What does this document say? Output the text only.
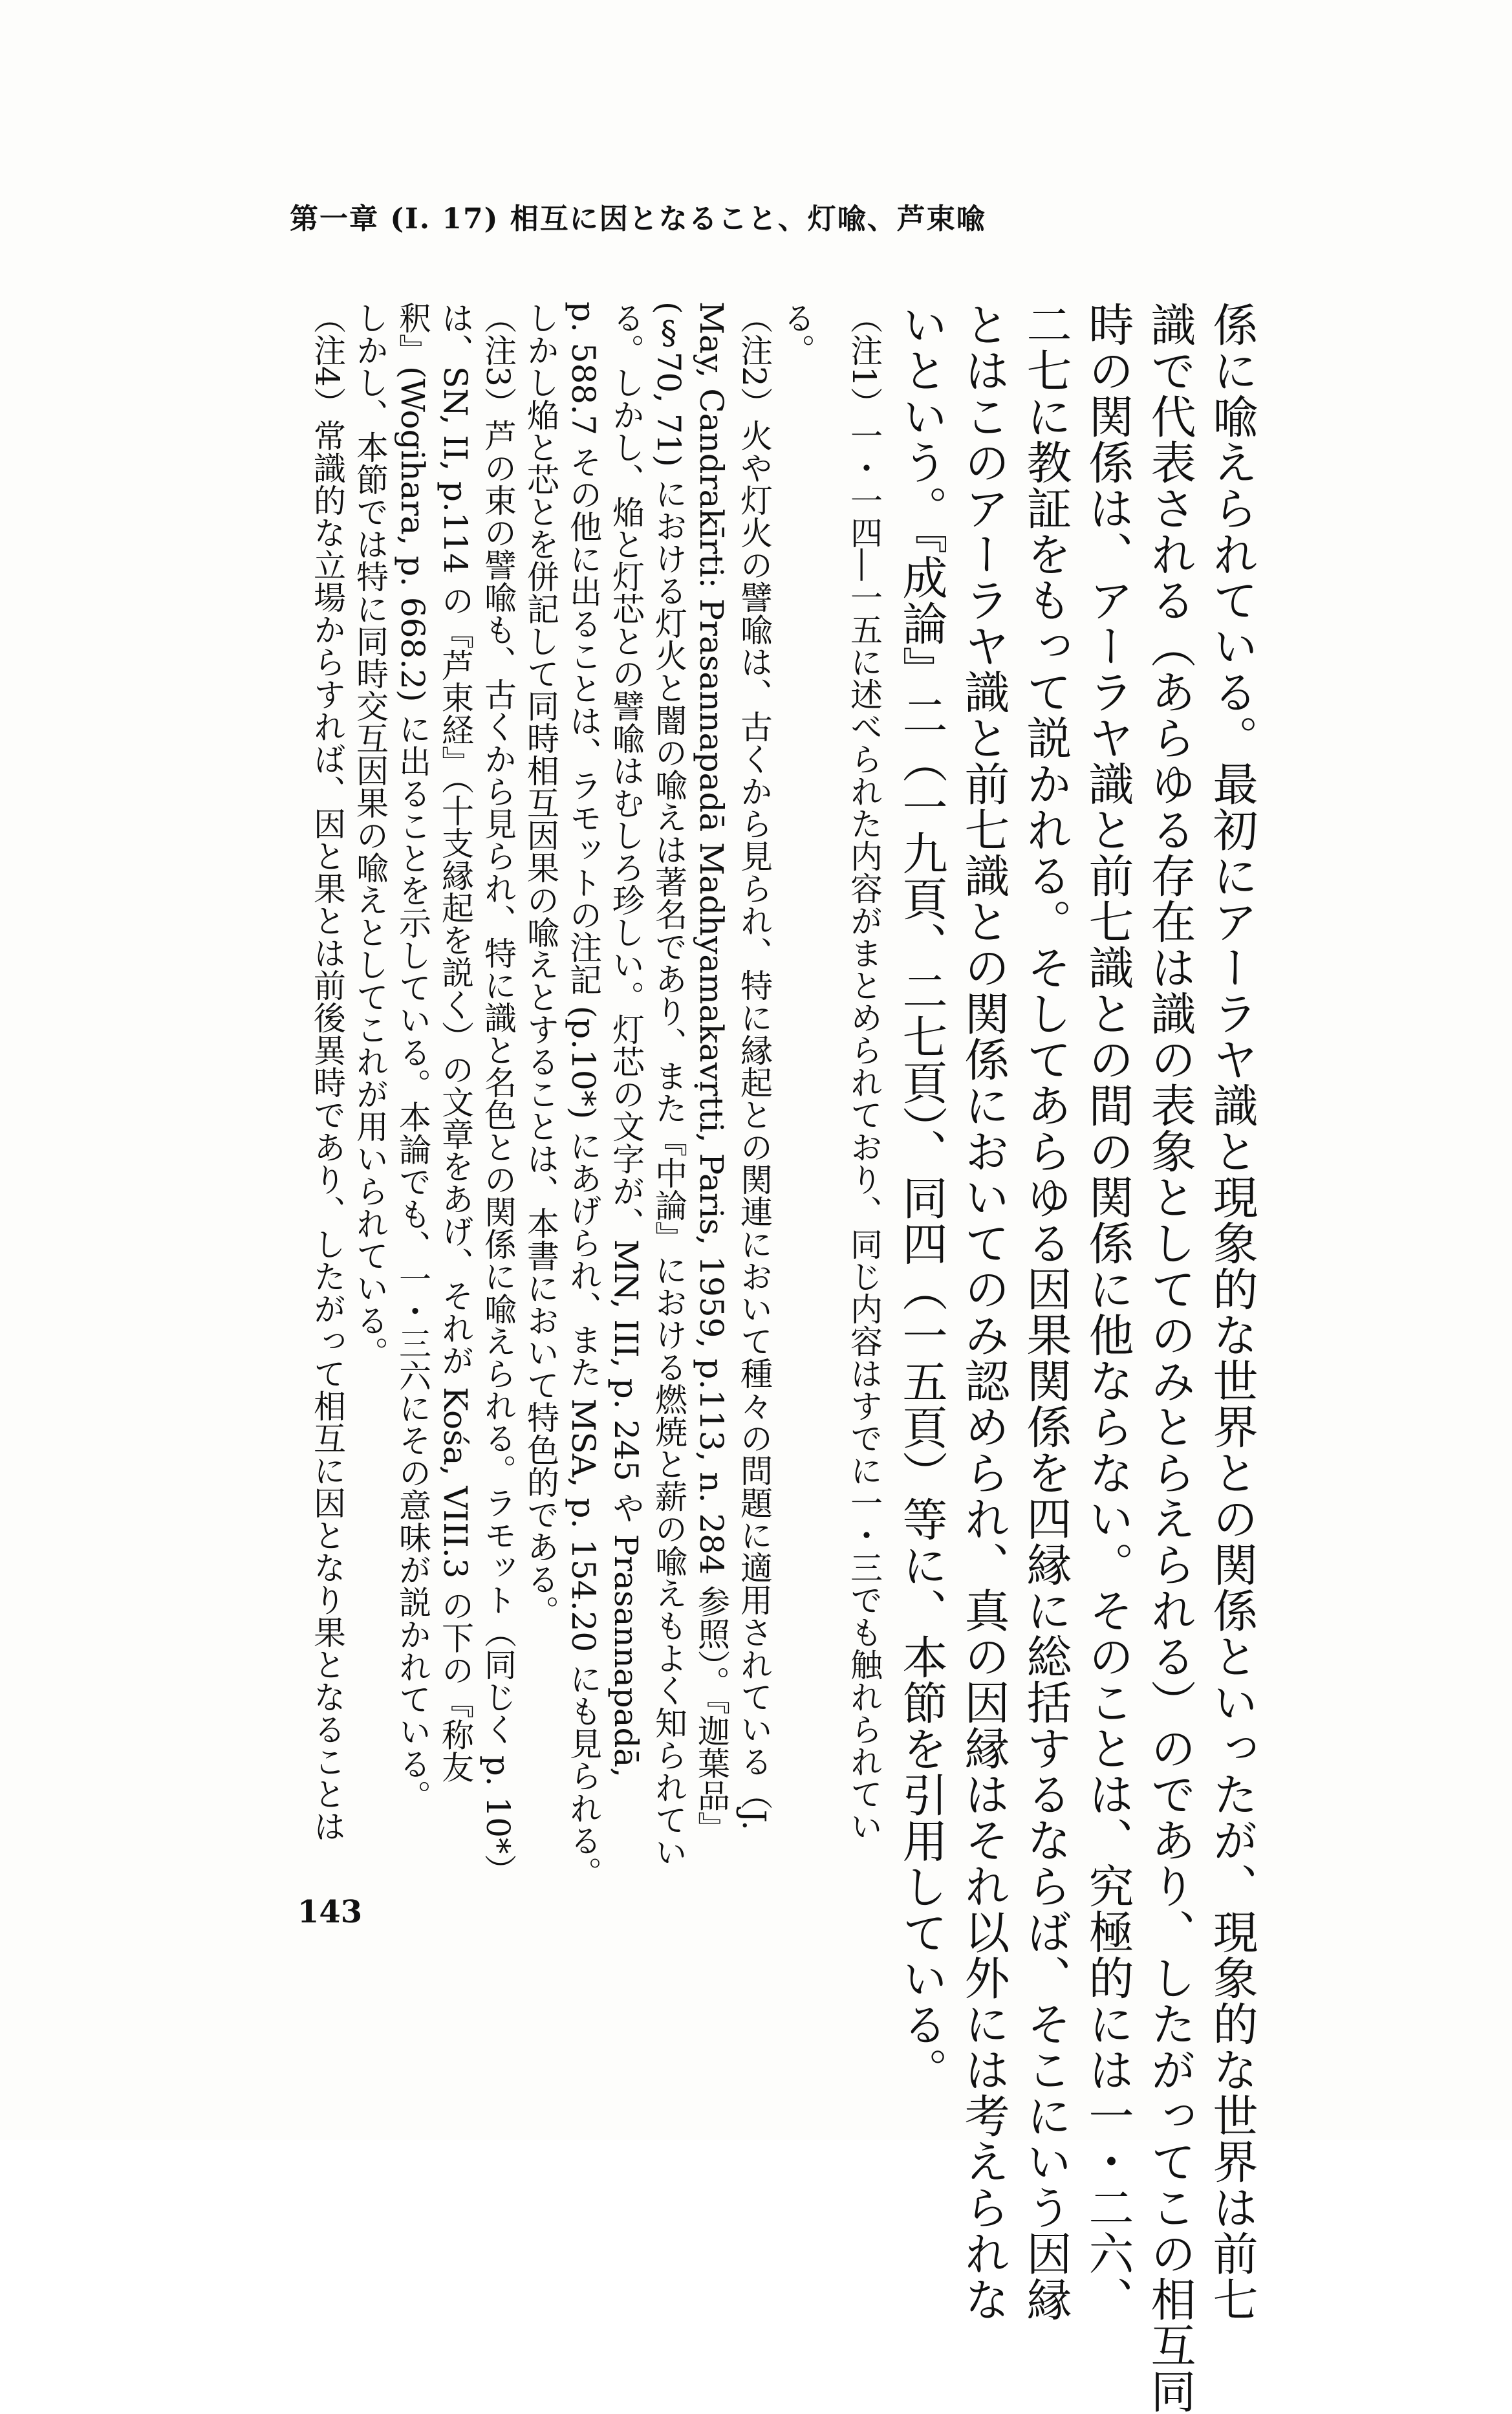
第一章 (I. 17) 相互に因となること、灯喩、芦束喩
係に喩えられている。最初にアーラヤ識と現象的な世界との関係といったが、現象的な世界は前七
識で代表される（あらゆる存在は識の表象としてのみとらえられる）のであり、したがってこの相互同
時の関係は、アーラヤ識と前七識との間の関係に他ならない。そのことは、究極的には一・二六、
二七に教証をもって説かれる。そしてあらゆる因果関係を四縁に総括するならば、そこにいう因縁
とはこのアーラヤ識と前七識との関係においてのみ認められ、真の因縁はそれ以外には考えられな
いという。『成論』二（一九頁、二七頁）、同四（一五頁）等に、本節を引用している。
（注1）一・一四―一五に述べられた内容がまとめられており、同じ内容はすでに一・三でも触れられてい
る。
（注2）火や灯火の譬喩は、古くから見られ、特に縁起との関連において種々の問題に適用されている（J.
May, Candrakīrti: Prasannapadā Madhyamakavṛtti, Paris, 1959, p.113, n. 284 参照）。『迦葉品』
(§70, 71) における灯火と闇の喩えは著名であり、また『中論』における燃焼と薪の喩えもよく知られてい
る。しかし、焔と灯芯との譬喩はむしろ珍しい。灯芯の文字が、MN, III, p. 245 や Prasannapadā,
p. 588.7 その他に出ることは、ラモットの注記 (p.10*) にあげられ、また MSA, p. 154.20 にも見られる。
しかし焔と芯とを併記して同時相互因果の喩えとすることは、本書において特色的である。
（注3）芦の束の譬喩も、古くから見られ、特に識と名色との関係に喩えられる。ラモット（同じく p. 10*）
は、SN, II, p.114 の『芦束経』（十支縁起を説く）の文章をあげ、それが Kośa, VIII.3 の下の『称友
釈』(Wogihara, p. 668.2) に出ることを示している。本論でも、一・三六にその意味が説かれている。
しかし、本節では特に同時交互因果の喩えとしてこれが用いられている。
（注4）常識的な立場からすれば、因と果とは前後異時であり、したがって相互に因となり果となることは
143
